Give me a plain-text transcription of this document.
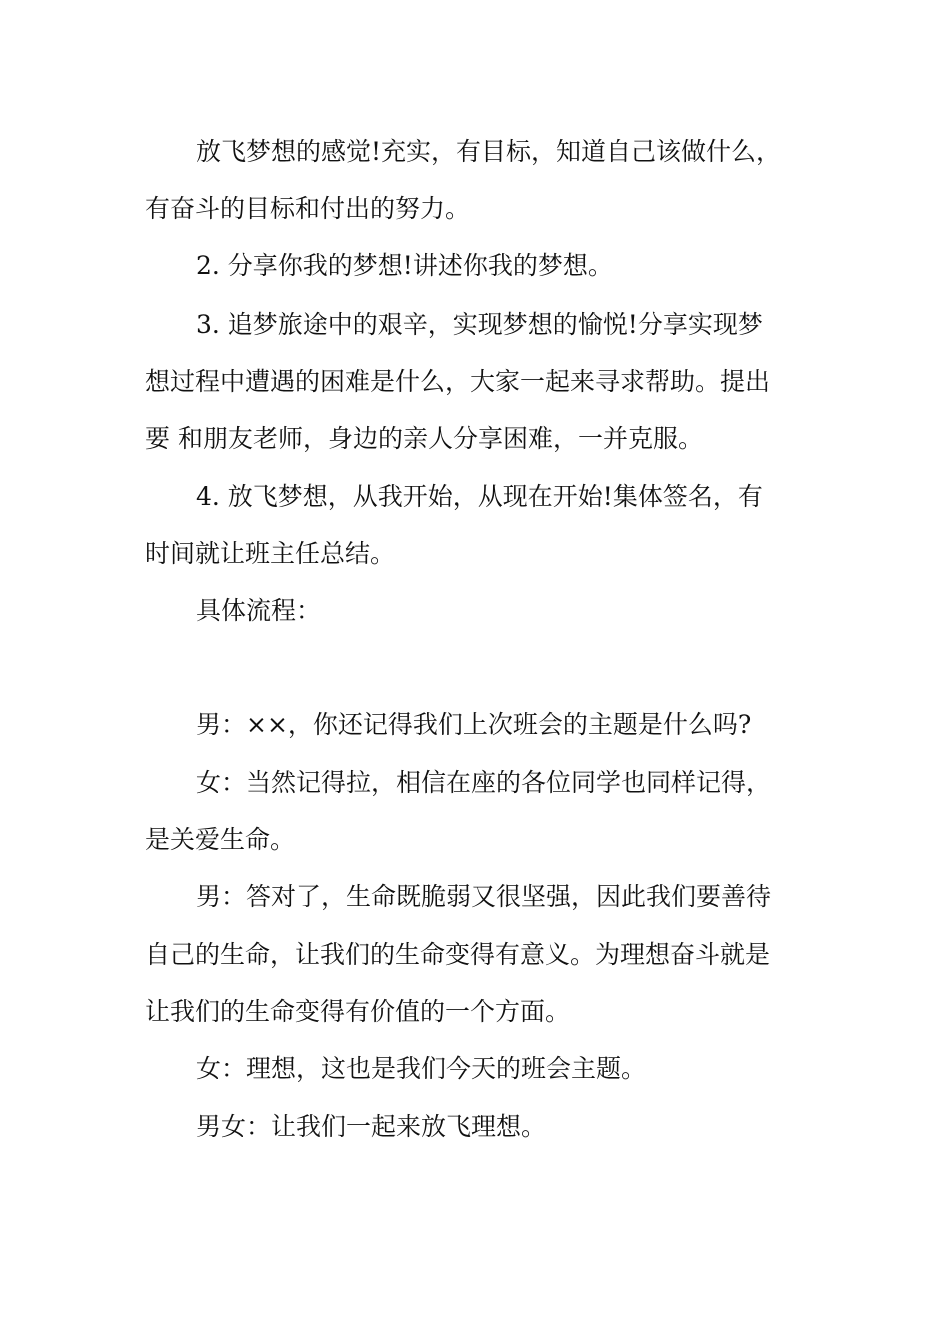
放飞梦想的感觉!充实，有目标，知道自己该做什么，
有奋斗的目标和付出的努力。
2. 分享你我的梦想!讲述你我的梦想。
3. 追梦旅途中的艰辛，实现梦想的愉悦!分享实现梦
想过程中遭遇的困难是什么，大家一起来寻求帮助。提出
要 和朋友老师，身边的亲人分享困难，一并克服。
4. 放飞梦想，从我开始，从现在开始!集体签名，有
时间就让班主任总结。
具体流程：
男：××，你还记得我们上次班会的主题是什么吗?
女：当然记得拉，相信在座的各位同学也同样记得，
是关爱生命。
男：答对了，生命既脆弱又很坚强，因此我们要善待
自己的生命，让我们的生命变得有意义。为理想奋斗就是
让我们的生命变得有价值的一个方面。
女：理想，这也是我们今天的班会主题。
男女：让我们一起来放飞理想。
